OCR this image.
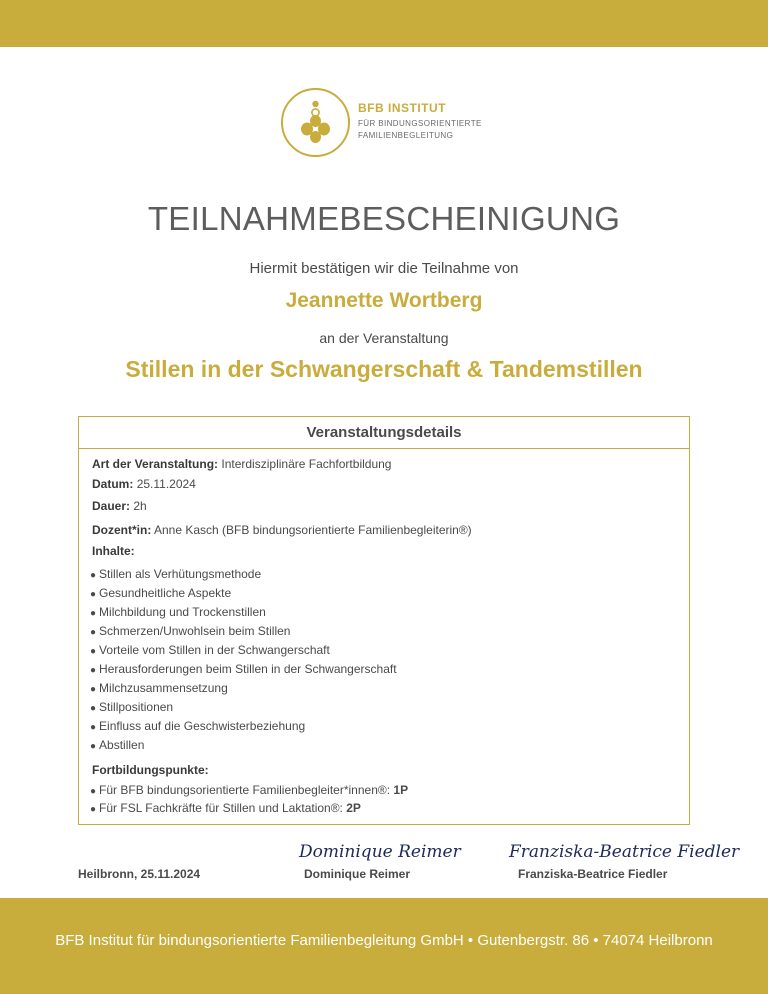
BFB INSTITUT
FÜR BINDUNGSORIENTIERTE
FAMILIENBEGLEITUNG
TEILNAHMEBESCHEINIGUNG
Hiermit bestätigen wir die Teilnahme von
Jeannette Wortberg
an der Veranstaltung
Stillen in der Schwangerschaft & Tandemstillen
Veranstaltungsdetails
Art der Veranstaltung: Interdisziplinäre Fachfortbildung
Datum: 25.11.2024
Dauer: 2h
Dozent*in: Anne Kasch (BFB bindungsorientierte Familienbegleiterin®)
Inhalte:
● Stillen als Verhütungsmethode
● Gesundheitliche Aspekte
● Milchbildung und Trockenstillen
● Schmerzen/Unwohlsein beim Stillen
● Vorteile vom Stillen in der Schwangerschaft
● Herausforderungen beim Stillen in der Schwangerschaft
● Milchzusammensetzung
● Stillpositionen
● Einfluss auf die Geschwisterbeziehung
● Abstillen
Fortbildungspunkte:
● Für BFB bindungsorientierte Familienbegleiter*innen®: 1P
● Für FSL Fachkräfte für Stillen und Laktation®: 2P
Heilbronn, 25.11.2024
Dominique Reimer
Dominique Reimer
Franziska-Beatrice Fiedler
Franziska-Beatrice Fiedler
BFB Institut für bindungsorientierte Familienbegleitung GmbH • Gutenbergstr. 86 • 74074 Heilbronn
